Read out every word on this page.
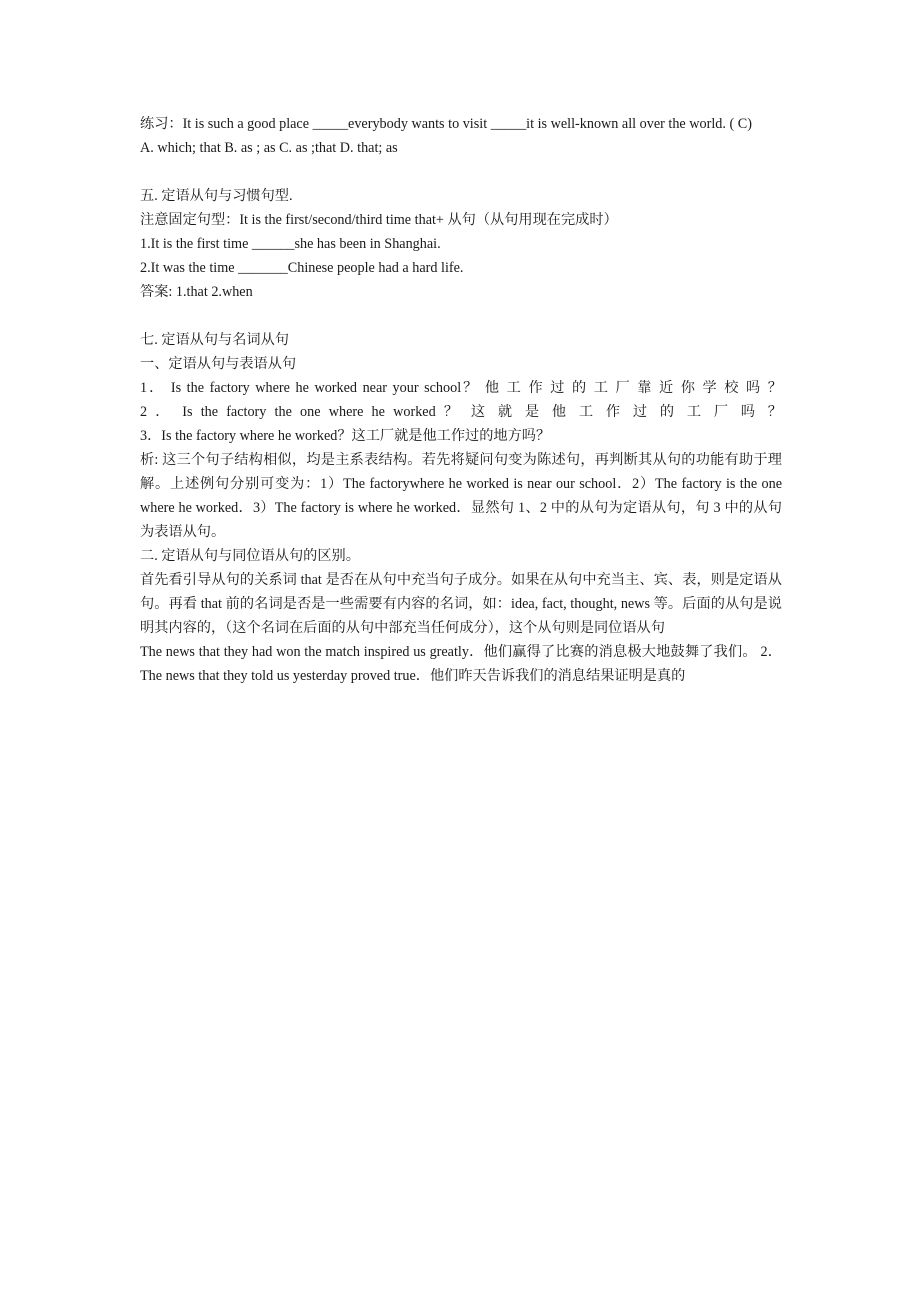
练习：It is such a good place _____everybody wants to visit _____it is well-known all over the world. ( C)
A. which; that B. as ; as C. as ;that D. that; as
五. 定语从句与习惯句型.
注意固定句型：It is the first/second/third time that+ 从句（从句用现在完成时）
1.It is the first time ______she has been in Shanghai.
2.It was the time _______Chinese people had a hard life.
答案: 1.that 2.when
七. 定语从句与名词从句
一、定语从句与表语从句
1． Is the factory where he worked near your school？ 他 工 作 过 的 工 厂 靠 近 你 学 校 吗 ？
2 ． Is the factory the one where he worked ？ 这 就 是 他 工 作 过 的 工 厂 吗 ？
3．Is the factory where he worked？这工厂就是他工作过的地方吗？
析: 这三个句子结构相似，均是主系表结构。若先将疑问句变为陈述句，再判断其从句的功能有助于理解。上述例句分别可变为：1）The factorywhere he worked is near our school．2）The factory is the one where he worked．3）The factory is where he worked．显然句 1、2 中的从句为定语从句，句 3 中的从句为表语从句。
二. 定语从句与同位语从句的区别。
首先看引导从句的关系词 that 是否在从句中充当句子成分。如果在从句中充当主、宾、表，则是定语从句。再看 that 前的名词是否是一些需要有内容的名词，如：idea, fact, thought, news 等。后面的从句是说明其内容的，（这个名词在后面的从句中部充当任何成分），这个从句则是同位语从句
The news that they had won the match inspired us greatly．他们赢得了比赛的消息极大地鼓舞了我们。 2．The news that they told us yesterday proved true．他们昨天告诉我们的消息结果证明是真的
